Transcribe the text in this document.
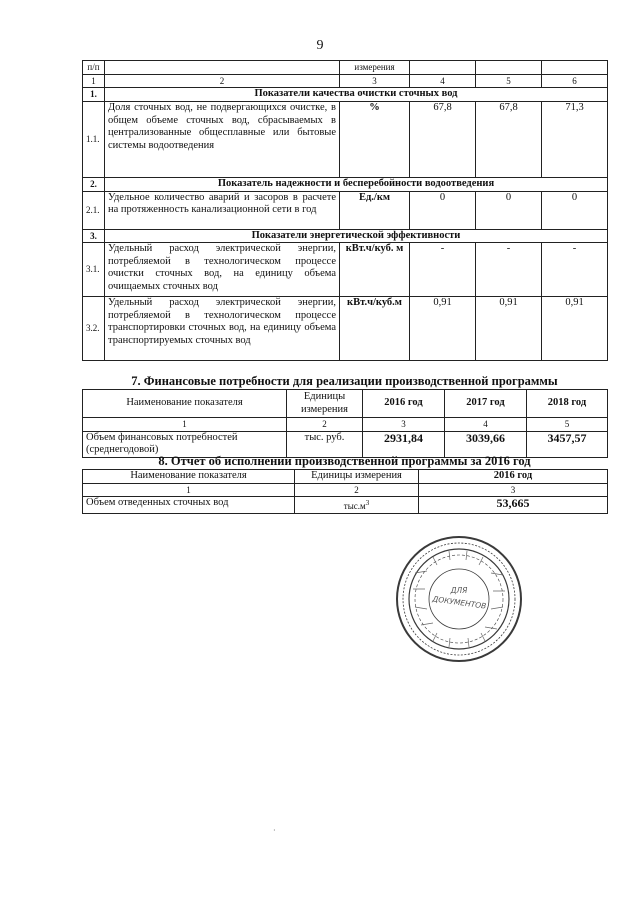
9
п/п		измерения			
1	2	3	4	5	6
1.	Показатели качества очистки сточных вод				
1.1.	Доля сточных вод, не подвергающихся очистке, в общем объеме сточных вод, сбрасываемых в централизованные общесплавные или бытовые системы водоотведения	%	67,8	67,8	71,3
2.	Показатель надежности и бесперебойности водоотведения				
2.1.	Удельное количество аварий и засоров в расчете на протяженность канализационной сети в год	Ед./км	0	0	0
3.	Показатели энергетической эффективности				
3.1.	Удельный расход электрической энергии, потребляемой в технологическом процессе очистки сточных вод, на единицу объема очищаемых сточных вод	кВт.ч/куб. м	-	-	-
3.2.	Удельный расход электрической энергии, потребляемой в технологическом процессе транспортировки сточных вод, на единицу объема транспортируемых сточных вод	кВт.ч/куб.м	0,91	0,91	0,91
7. Финансовые потребности для реализации производственной программы
Наименование показателя	Единицы измерения	2016 год	2017 год	2018 год
1	2	3	4	5
Объем финансовых потребностей (среднегодовой)	тыс. руб.	2931,84	3039,66	3457,57
8. Отчет об исполнении производственной программы за 2016 год
Наименование показателя	Единицы измерения	2016 год
1	2	3
Объем отведенных сточных вод	$тыс.м^3$	53,665
ДЛЯ
ДОКУМЕНТОВ
·
